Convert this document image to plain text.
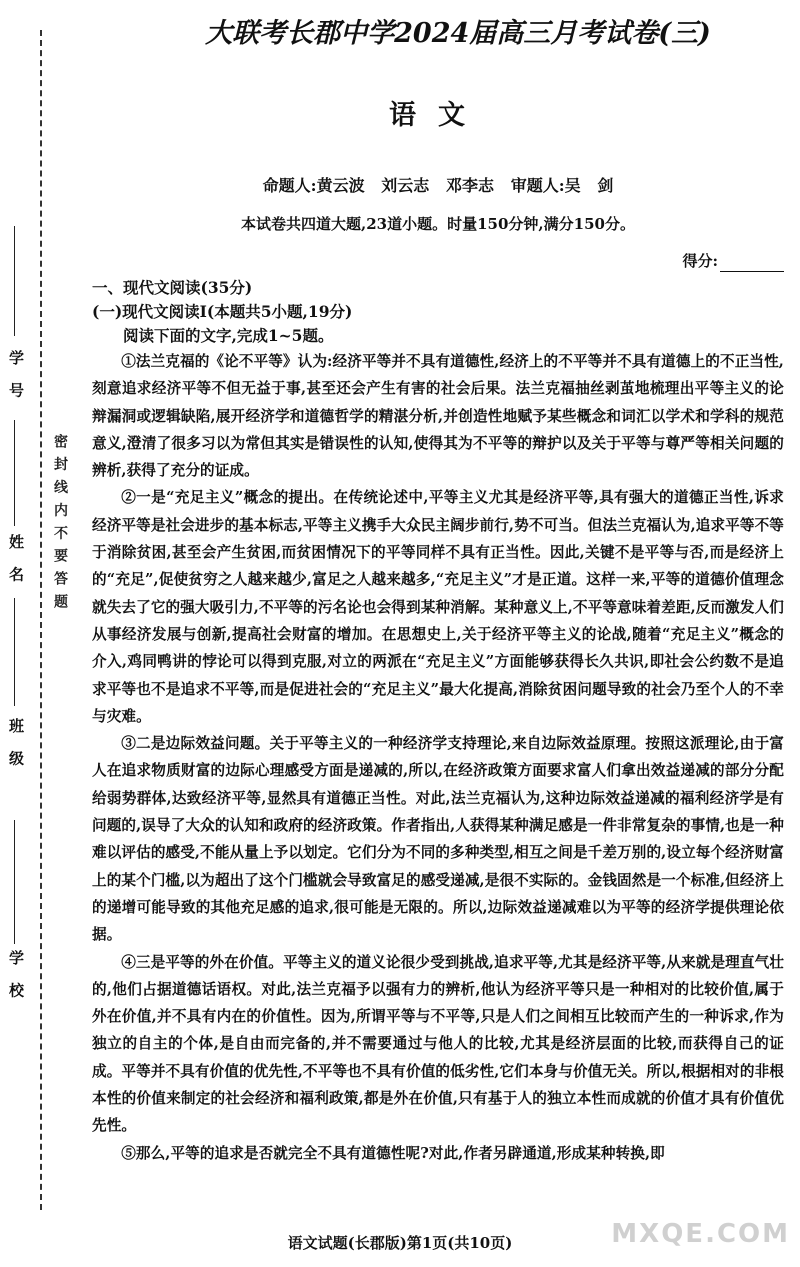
学 号
姓 名
班 级
学 校
密 封 线 内 不 要 答 题
大联考长郡中学2024届高三月考试卷(三)
语文
命题人:黄云波   刘云志   邓李志   审题人:吴   剑
本试卷共四道大题,23道小题。时量150分钟,满分150分。
得分:
一、现代文阅读(35分)
(一)现代文阅读Ⅰ(本题共5小题,19分)
阅读下面的文字,完成1~5题。

①法兰克福的《论不平等》认为:经济平等并不具有道德性,经济上的不平等并不具有道德上的不正当性,刻意追求经济平等不但无益于事,甚至还会产生有害的社会后果。法兰克福抽丝剥茧地梳理出平等主义的论辩漏洞或逻辑缺陷,展开经济学和道德哲学的精湛分析,并创造性地赋予某些概念和词汇以学术和学科的规范意义,澄清了很多习以为常但其实是错误性的认知,使得其为不平等的辩护以及关于平等与尊严等相关问题的辨析,获得了充分的证成。

②一是“充足主义”概念的提出。在传统论述中,平等主义尤其是经济平等,具有强大的道德正当性,诉求经济平等是社会进步的基本标志,平等主义携手大众民主阔步前行,势不可当。但法兰克福认为,追求平等不等于消除贫困,甚至会产生贫困,而贫困情况下的平等同样不具有正当性。因此,关键不是平等与否,而是经济上的“充足”,促使贫穷之人越来越少,富足之人越来越多,“充足主义”才是正道。这样一来,平等的道德价值理念就失去了它的强大吸引力,不平等的污名论也会得到某种消解。某种意义上,不平等意味着差距,反而激发人们从事经济发展与创新,提高社会财富的增加。在思想史上,关于经济平等主义的论战,随着“充足主义”概念的介入,鸡同鸭讲的悖论可以得到克服,对立的两派在“充足主义”方面能够获得长久共识,即社会公约数不是追求平等也不是追求不平等,而是促进社会的“充足主义”最大化提高,消除贫困问题导致的社会乃至个人的不幸与灾难。

③二是边际效益问题。关于平等主义的一种经济学支持理论,来自边际效益原理。按照这派理论,由于富人在追求物质财富的边际心理感受方面是递减的,所以,在经济政策方面要求富人们拿出效益递减的部分分配给弱势群体,达致经济平等,显然具有道德正当性。对此,法兰克福认为,这种边际效益递减的福利经济学是有问题的,误导了大众的认知和政府的经济政策。作者指出,人获得某种满足感是一件非常复杂的事情,也是一种难以评估的感受,不能从量上予以划定。它们分为不同的多种类型,相互之间是千差万别的,设立每个经济财富上的某个门槛,以为超出了这个门槛就会导致富足的感受递减,是很不实际的。金钱固然是一个标准,但经济上的递增可能导致的其他充足感的追求,很可能是无限的。所以,边际效益递减难以为平等的经济学提供理论依据。

④三是平等的外在价值。平等主义的道义论很少受到挑战,追求平等,尤其是经济平等,从来就是理直气壮的,他们占据道德话语权。对此,法兰克福予以强有力的辨析,他认为经济平等只是一种相对的比较价值,属于外在价值,并不具有内在的价值性。因为,所谓平等与不平等,只是人们之间相互比较而产生的一种诉求,作为独立的自主的个体,是自由而完备的,并不需要通过与他人的比较,尤其是经济层面的比较,而获得自己的证成。平等并不具有价值的优先性,不平等也不具有价值的低劣性,它们本身与价值无关。所以,根据相对的非根本性的价值来制定的社会经济和福利政策,都是外在价值,只有基于人的独立本性而成就的价值才具有价值优先性。

⑤那么,平等的追求是否就完全不具有道德性呢?对此,作者另辟通道,形成某种转换,即

语文试题(长郡版)第1页(共10页)	MXQE.COM
